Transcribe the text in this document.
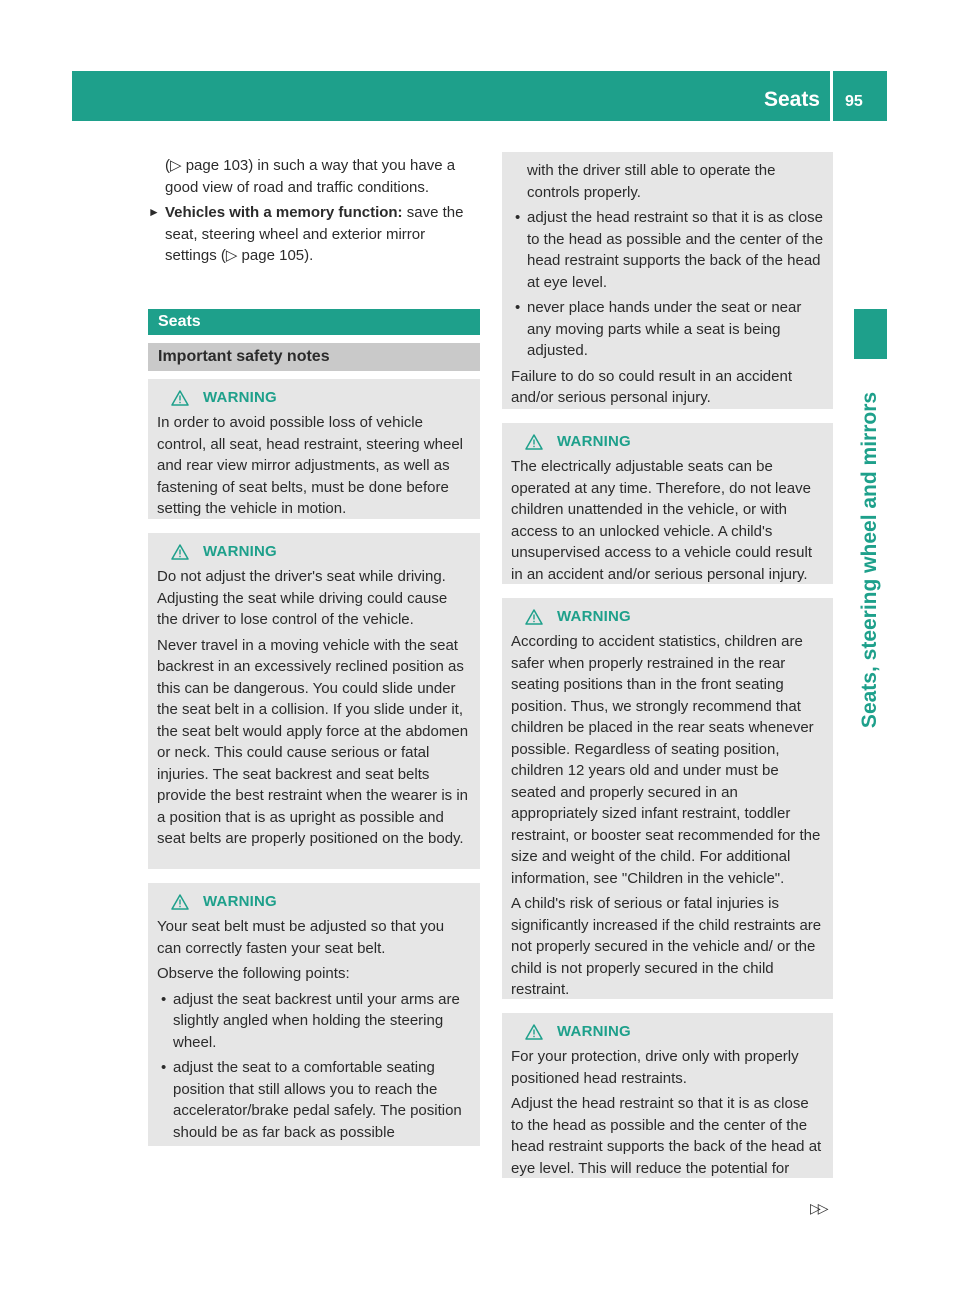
Seats 95
Seats, steering wheel and mirrors

(▷ page 103) in such a way that you have a good view of road and traffic conditions.

► Vehicles with a memory function: save the seat, steering wheel and exterior mirror settings (▷ page 105).
Seats
Important safety notes
WARNING

In order to avoid possible loss of vehicle control, all seat, head restraint, steering wheel and rear view mirror adjustments, as well as fastening of seat belts, must be done before setting the vehicle in motion.

WARNING

Do not adjust the driver's seat while driving. Adjusting the seat while driving could cause the driver to lose control of the vehicle.

Never travel in a moving vehicle with the seat backrest in an excessively reclined position as this can be dangerous. You could slide under the seat belt in a collision. If you slide under it, the seat belt would apply force at the abdomen or neck. This could cause serious or fatal injuries. The seat backrest and seat belts provide the best restraint when the wearer is in a position that is as upright as possible and seat belts are properly positioned on the body.

WARNING

Your seat belt must be adjusted so that you can correctly fasten your seat belt.

Observe the following points:

• adjust the seat backrest until your arms are slightly angled when holding the steering wheel.
• adjust the seat to a comfortable seating position that still allows you to reach the accelerator/brake pedal safely. The position should be as far back as possible

with the driver still able to operate the controls properly.

• adjust the head restraint so that it is as close to the head as possible and the center of the head restraint supports the back of the head at eye level.
• never place hands under the seat or near any moving parts while a seat is being adjusted.

Failure to do so could result in an accident and/or serious personal injury.

WARNING

The electrically adjustable seats can be operated at any time. Therefore, do not leave children unattended in the vehicle, or with access to an unlocked vehicle. A child's unsupervised access to a vehicle could result in an accident and/or serious personal injury.

WARNING

According to accident statistics, children are safer when properly restrained in the rear seating positions than in the front seating position. Thus, we strongly recommend that children be placed in the rear seats whenever possible. Regardless of seating position, children 12 years old and under must be seated and properly secured in an appropriately sized infant restraint, toddler restraint, or booster seat recommended for the size and weight of the child. For additional information, see "Children in the vehicle".

A child's risk of serious or fatal injuries is significantly increased if the child restraints are not properly secured in the vehicle and/ or the child is not properly secured in the child restraint.

WARNING

For your protection, drive only with properly positioned head restraints.

Adjust the head restraint so that it is as close to the head as possible and the center of the head restraint supports the back of the head at eye level. This will reduce the potential for

▷▷
